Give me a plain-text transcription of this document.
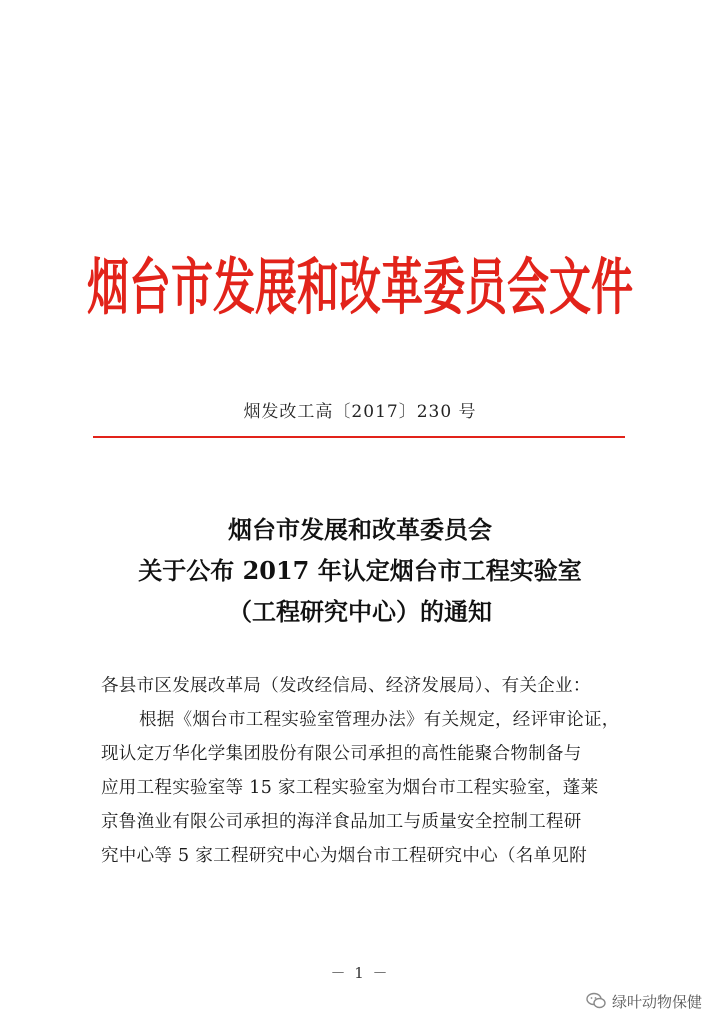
烟台市发展和改革委员会文件
烟发改工高〔2017〕230 号
烟台市发展和改革委员会
关于公布 2017 年认定烟台市工程实验室
（工程研究中心）的通知
各县市区发展改革局（发改经信局、经济发展局）、有关企业：
根据《烟台市工程实验室管理办法》有关规定，经评审论证，
现认定万华化学集团股份有限公司承担的高性能聚合物制备与
应用工程实验室等 15 家工程实验室为烟台市工程实验室，蓬莱
京鲁渔业有限公司承担的海洋食品加工与质量安全控制工程研
究中心等 5 家工程研究中心为烟台市工程研究中心（名单见附
－ 1 －
绿叶动物保健
